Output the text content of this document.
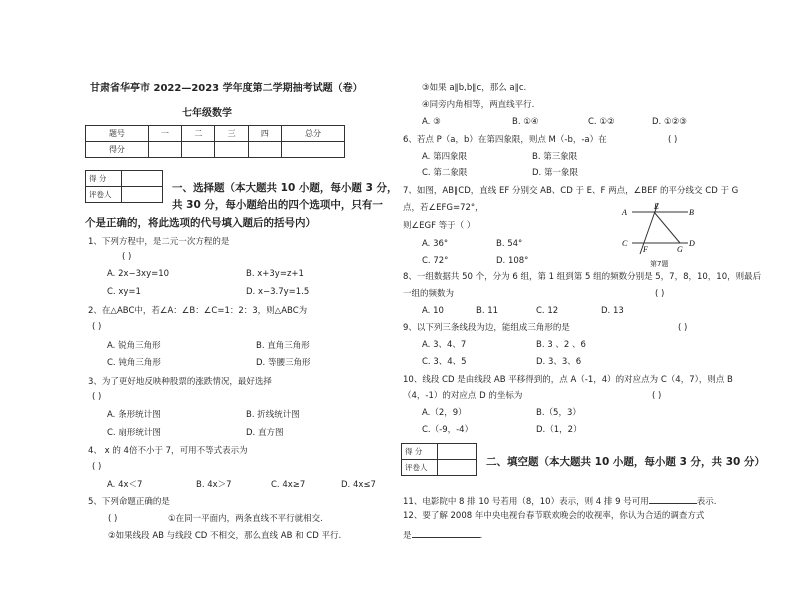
甘肃省华亭市 2022—2023 学年度第二学期抽考试题（卷）
七年级数学
题号	一	二	三	四	总分
得分					
得 分	
评卷人	
一、选择题（本大题共 10 小题，每小题 3 分，
共 30 分，每小题给出的四个选项中，只有一
个是正确的，将此选项的代号填入题后的括号内）
1、下列方程中，是二元一次方程的是
( )
A. 2x−3xy=10	B. x+3y=z+1
C. xy=1	D. x−3.7y=1.5
2、在△ABC中，若∠A：∠B：∠C=1：2：3，则△ABC为
( )
A. 锐角三角形	B. 直角三角形
C. 钝角三角形	D. 等腰三角形
3、为了更好地反映种股票的涨跌情况，最好选择
( )
A. 条形统计图	B. 折线统计图
C. 扇形统计图	D. 直方图
4、 x 的 4倍不小于 7，可用不等式表示为
( )
A. 4x＜7	B. 4x＞7	C. 4x≥7	D. 4x≤7
5、下列命题正确的是
( )	①在同一平面内，两条直线不平行就相交.
②如果线段 AB 与线段 CD 不相交，那么直线 AB 和 CD 平行.
③如果 a∥b,b∥c，那么 a∥c.
④同旁内角相等，两直线平行.
A. ③	B. ①④	C. ①②	D. ①②③
6、若点 P（a，b）在第四象限，则点 M（-b，-a）在	( )
A. 第四象限	B. 第三象限
C. 第二象限	D. 第一象限
7、如图，AB∥CD，直线 EF 分别交 AB、CD 于 E、F 两点，∠BEF 的平分线交 CD 于 G
点，若∠EFG=72°，
则∠EGF 等于（ ）
A. 36°	B. 54°
C. 72°	D. 108°
A
E
B
C
F	G
D
第7题
8、一组数据共 50 个，分为 6 组，第 1 组到第 5 组的频数分别是 5，7，8，10，10，则最后
一组的频数为	( )
A. 10	B. 11	C. 12	D. 13
9、以下列三条线段为边，能组成三角形的是	( )
A. 3、4、7	B. 3 、2 、6
C. 3、4、5	D. 3、3、6
10、线段 CD 是由线段 AB 平移得到的，点 A（-1，4）的对应点为 C（4，7），则点 B
（4，-1）的对应点 D 的坐标为	( )
A.（2，9）	B.（5，3）
C.（-9，-4）	D.（1，2）
得 分	
评卷人		二、填空题（本大题共 10 小题，每小题 3 分，共 30 分）
11、电影院中 8 排 10 号若用（8，10）表示，则 4 排 9 号可用	表示.
12、要了解 2008 年中央电视台春节联欢晚会的收视率，你认为合适的调查方式
是	.
